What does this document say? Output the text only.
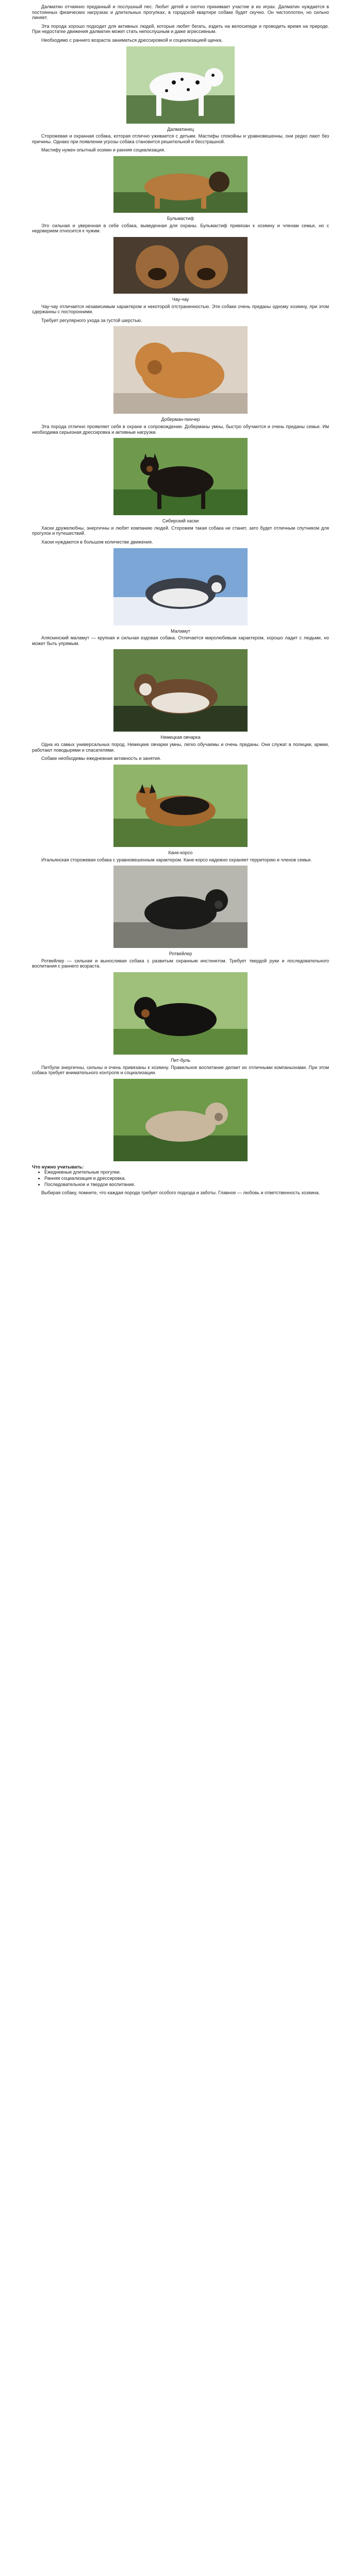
Далматин отчаянно преданный и послушный пес. Любит детей и охотно принимает участие в их играх. Далматин нуждается в постоянных физических нагрузках и длительных прогулках, в городской квартире собаке будет скучно. Он чистоплотен, но сильно линяет.

Эта порода хорошо подходит для активных людей, которые любят бегать, ездить на велосипеде и проводить время на природе. При недостатке движения далматин может стать непослушным и даже агрессивным.

Необходимо с раннего возраста заниматься дрессировкой и социализацией щенка.

Далматинец

Сторожевая и охранная собака, которая отлично уживается с детьми. Мастифы спокойны и уравновешенны, они редко лают без причины. Однако при появлении угрозы собака становится решительной и бесстрашной.

Мастифу нужен опытный хозяин и ранняя социализация.

Бульмастиф

Это сильная и уверенная в себе собака, выведенная для охраны. Бульмастиф привязан к хозяину и членам семьи, но с недоверием относится к чужим.

Чау-чау

Чау-чау отличается независимым характером и некоторой отстраненностью. Эти собаки очень преданы одному хозяину, при этом сдержанны с посторонними.

Требует регулярного ухода за густой шерстью.

Доберман-пинчер

Эта порода отлично проявляет себя в охране и сопровождении. Доберманы умны, быстро обучаются и очень преданы семье. Им необходима серьезная дрессировка и активные нагрузки.

Сибирский хаски

Хаски дружелюбны, энергичны и любят компанию людей. Сторожем такая собака не станет, зато будет отличным спутником для прогулок и путешествий.

Хаски нуждаются в большом количестве движения.

Маламут

Аляскинский маламут — крупная и сильная ездовая собака. Отличается миролюбивым характером, хорошо ладит с людьми, но может быть упрямым.

Немецкая овчарка

Одна из самых универсальных пород. Немецкие овчарки умны, легко обучаемы и очень преданы. Они служат в полиции, армии, работают поводырями и спасателями.

Собаке необходимы ежедневная активность и занятия.

Кане-корсо

Итальянская сторожевая собака с уравновешенным характером. Кане-корсо надежно охраняет территорию и членов семьи.

Ротвейлер

Ротвейлер — сильная и выносливая собака с развитым охранным инстинктом. Требует твердой руки и последовательного воспитания с раннего возраста.

Пит-буль

Питбули энергичны, сильны и очень привязаны к хозяину. Правильное воспитание делает их отличными компаньонами. При этом собака требует внимательного контроля и социализации.

Что нужно учитывать:
• Ежедневные длительные прогулки.
• Ранняя социализация и дрессировка.
• Последовательное и твердое воспитание.

Выбирая собаку, помните, что каждая порода требует особого подхода и заботы. Главное — любовь и ответственность хозяина.
